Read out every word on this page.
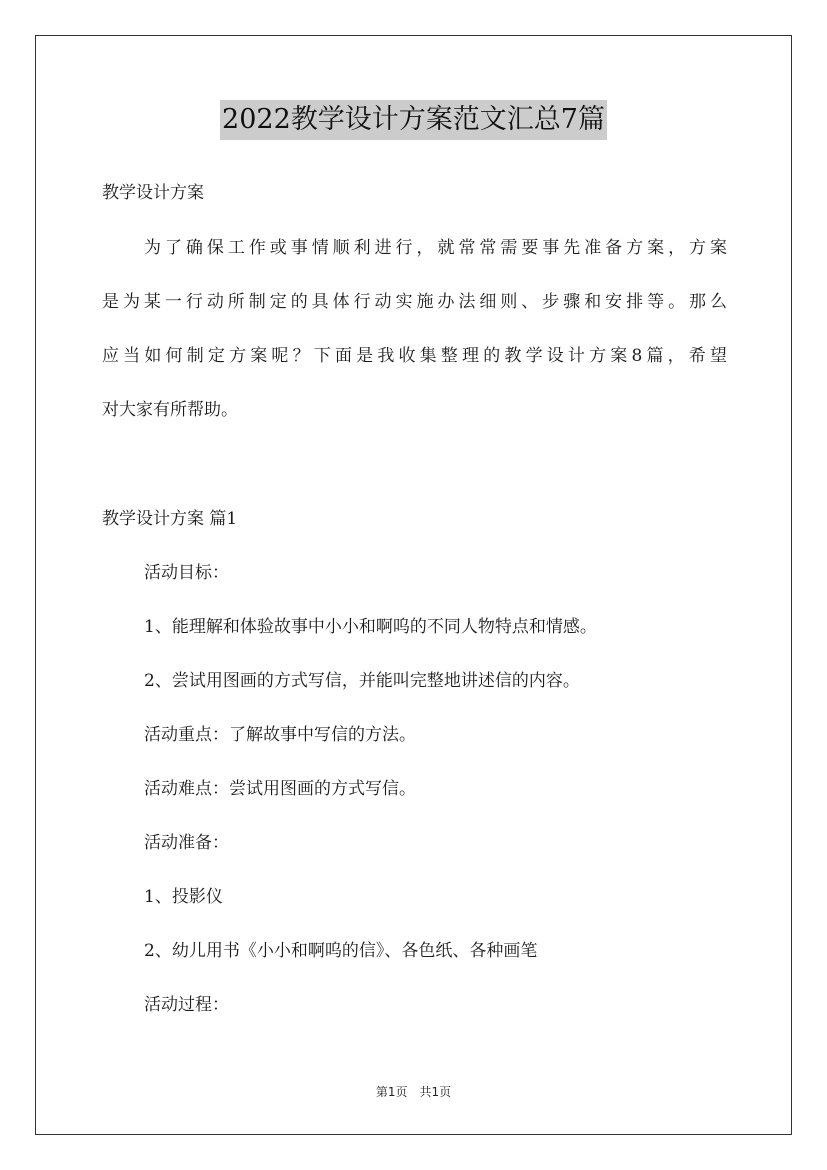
2022教学设计方案范文汇总7篇
教学设计方案
为了确保工作或事情顺利进行，就常常需要事先准备方案，方案
是为某一行动所制定的具体行动实施办法细则、步骤和安排等。那么
应当如何制定方案呢？下面是我收集整理的教学设计方案8篇，希望
对大家有所帮助。
教学设计方案 篇1
活动目标：
1、能理解和体验故事中小小和啊呜的不同人物特点和情感。
2、尝试用图画的方式写信，并能叫完整地讲述信的内容。
活动重点：了解故事中写信的方法。
活动难点：尝试用图画的方式写信。
活动准备：
1、投影仪
2、幼儿用书《小小和啊呜的信》、各色纸、各种画笔
活动过程：
第1页　共1页
